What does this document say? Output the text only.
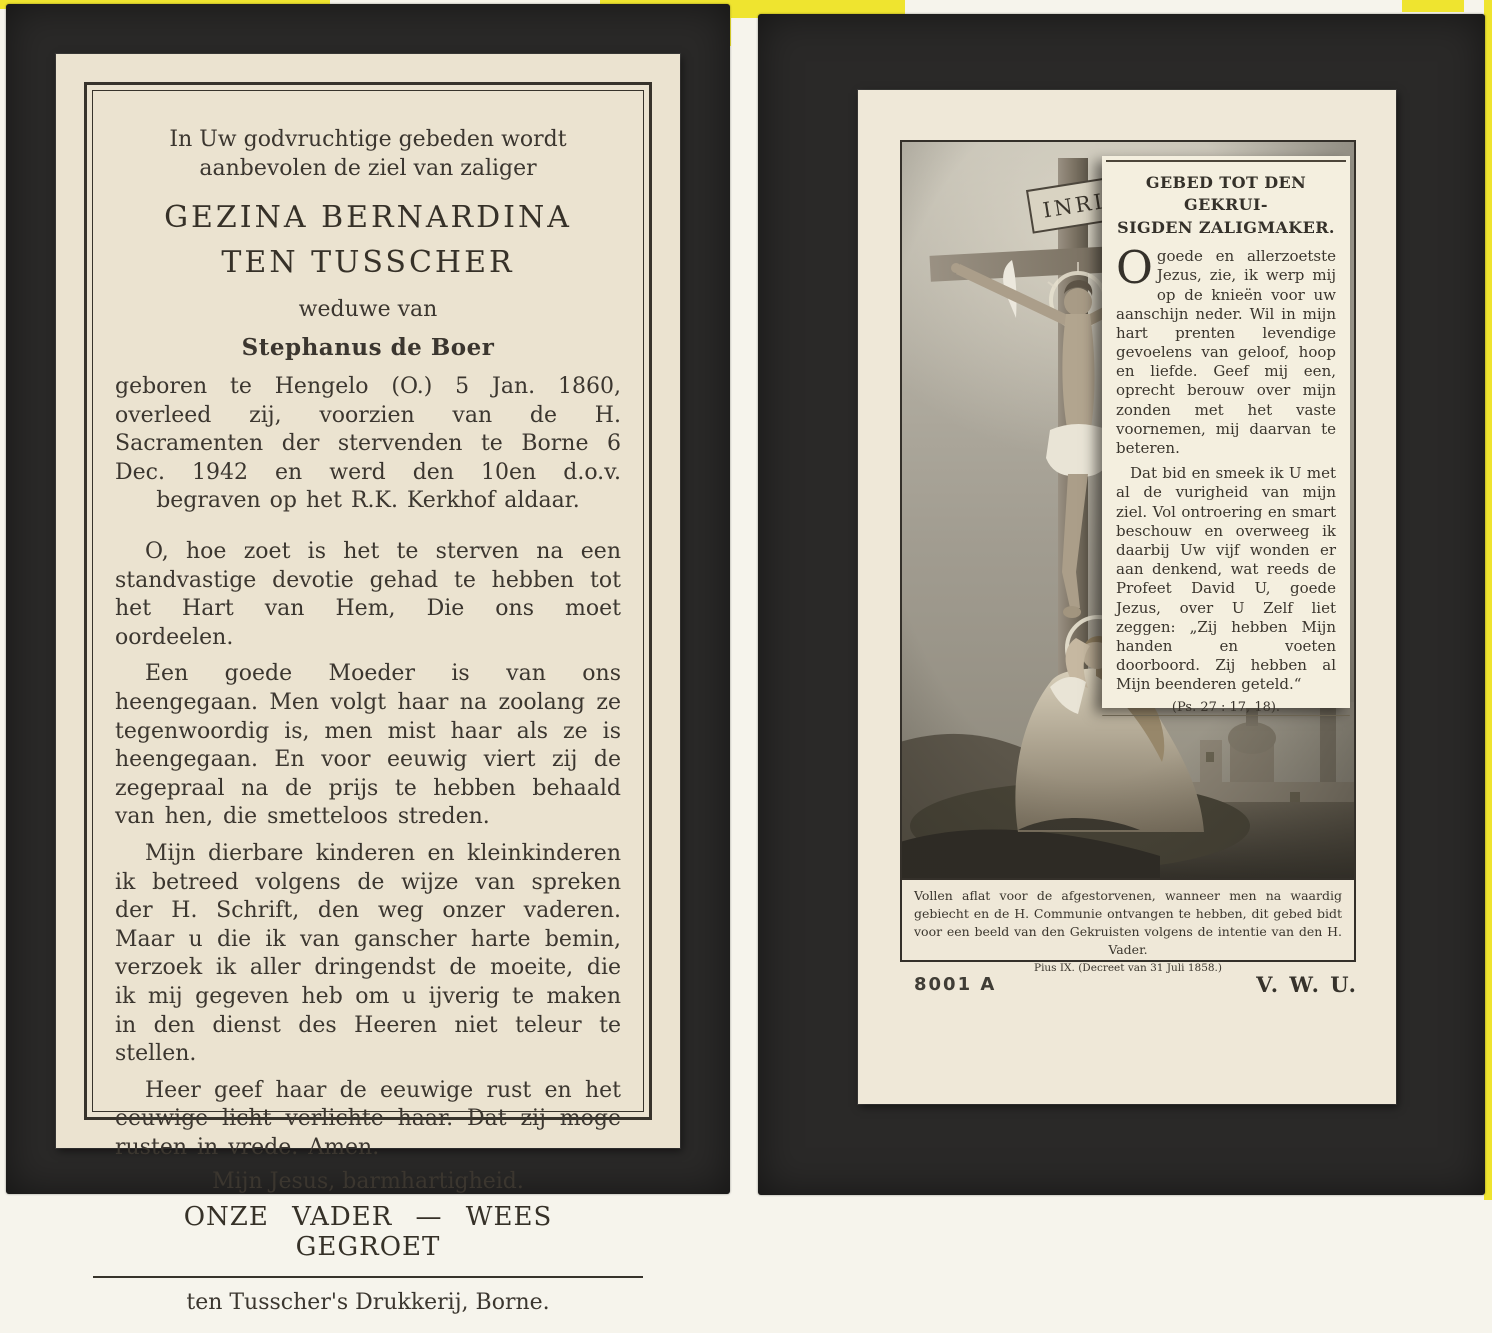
In Uw godvruchtige gebeden wordt aanbevolen de ziel van zaliger
GEZINA BERNARDINA
TEN TUSSCHER
weduwe van
Stephanus de Boer
geboren te Hengelo (O.) 5 Jan. 1860, overleed zij, voorzien van de H. Sacramenten der stervenden te Borne 6 Dec. 1942 en werd den 10en d.o.v. begraven op het R.K. Kerkhof aldaar.
O, hoe zoet is het te sterven na een standvastige devotie gehad te hebben tot het Hart van Hem, Die ons moet oordeelen.
Een goede Moeder is van ons heengegaan. Men volgt haar na zoolang ze tegenwoordig is, men mist haar als ze is heengegaan. En voor eeuwig viert zij de zegepraal na de prijs te hebben behaald van hen, die smetteloos streden.
Mijn dierbare kinderen en kleinkinderen ik betreed volgens de wijze van spreken der H. Schrift, den weg onzer vaderen. Maar u die ik van ganscher harte bemin, verzoek ik aller dringendst de moeite, die ik mij gegeven heb om u ijverig te maken in den dienst des Heeren niet teleur te stellen.
Heer geef haar de eeuwige rust en het eeuwige licht verlichte haar. Dat zij moge rusten in vrede. Amen.
Mijn Jesus, barmhartigheid.
ONZE VADER — WEES GEGROET
ten Tusscher's Drukkerij, Borne.
GEBED TOT DEN GEKRUI-
SIGDEN ZALIGMAKER.
Ogoede en allerzoetste Jezus, zie, ik werp mij op de knieën voor uw aanschijn neder. Wil in mijn hart prenten levendige gevoelens van geloof, hoop en liefde. Geef mij een, oprecht berouw over mijn zonden met het vaste voornemen, mij daarvan te beteren.
Dat bid en smeek ik U met al de vurigheid van mijn ziel. Vol ontroering en smart beschouw en overweeg ik daarbij Uw vijf wonden er aan denkend, wat reeds de Profeet David U, goede Jezus, over U Zelf liet zeggen: „Zij hebben Mijn handen en voeten doorboord. Zij hebben al Mijn beenderen geteld.“
(Ps. 27 : 17, 18).
Vollen aflat voor de afgestorvenen, wanneer men na waardig gebiecht en de H. Communie ontvangen te hebben, dit gebed bidt voor een beeld van den Gekruisten volgens de intentie van den H. Vader.
Pius IX. (Decreet van 31 Juli 1858.)
8001 A	V. W. U.
